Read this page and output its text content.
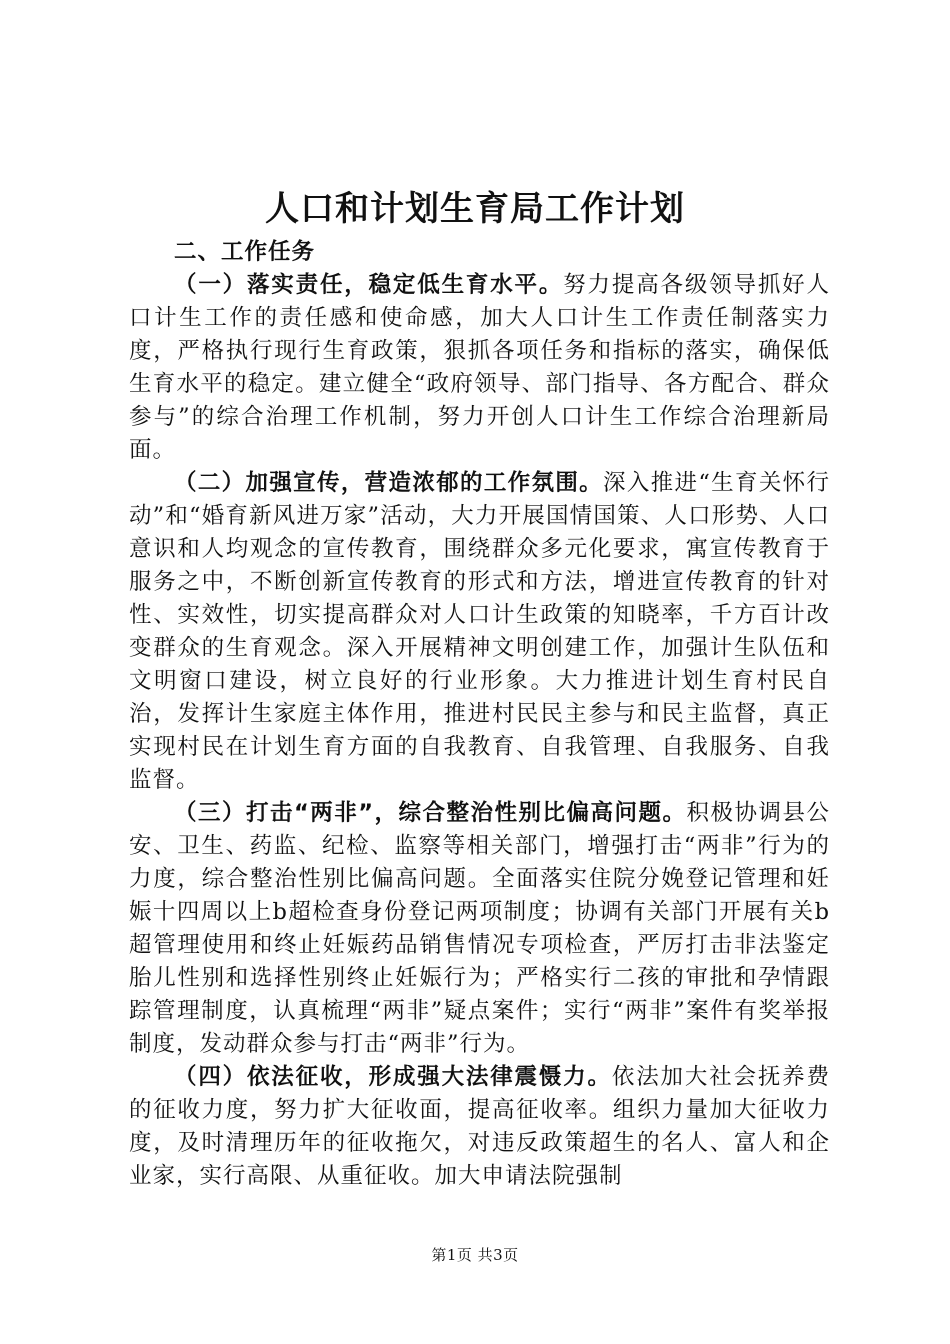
人口和计划生育局工作计划

二、工作任务

（一）落实责任，稳定低生育水平。努力提高各级领导抓好人口计生工作的责任感和使命感，加大人口计生工作责任制落实力度，严格执行现行生育政策，狠抓各项任务和指标的落实，确保低生育水平的稳定。建立健全“政府领导、部门指导、各方配合、群众参与”的综合治理工作机制，努力开创人口计生工作综合治理新局面。

（二）加强宣传，营造浓郁的工作氛围。深入推进“生育关怀行动”和“婚育新风进万家”活动，大力开展国情国策、人口形势、人口意识和人均观念的宣传教育，围绕群众多元化要求，寓宣传教育于服务之中，不断创新宣传教育的形式和方法，增进宣传教育的针对性、实效性，切实提高群众对人口计生政策的知晓率，千方百计改变群众的生育观念。深入开展精神文明创建工作，加强计生队伍和文明窗口建设，树立良好的行业形象。大力推进计划生育村民自治，发挥计生家庭主体作用，推进村民民主参与和民主监督，真正实现村民在计划生育方面的自我教育、自我管理、自我服务、自我监督。

（三）打击“两非”，综合整治性别比偏高问题。积极协调县公安、卫生、药监、纪检、监察等相关部门，增强打击“两非”行为的力度，综合整治性别比偏高问题。全面落实住院分娩登记管理和妊娠十四周以上b超检查身份登记两项制度；协调有关部门开展有关b超管理使用和终止妊娠药品销售情况专项检查，严厉打击非法鉴定胎儿性别和选择性别终止妊娠行为；严格实行二孩的审批和孕情跟踪管理制度，认真梳理“两非”疑点案件；实行“两非”案件有奖举报制度，发动群众参与打击“两非”行为。

（四）依法征收，形成强大法律震慑力。依法加大社会抚养费的征收力度，努力扩大征收面，提高征收率。组织力量加大征收力度，及时清理历年的征收拖欠，对违反政策超生的名人、富人和企业家，实行高限、从重征收。加大申请法院强制

第1页 共3页
